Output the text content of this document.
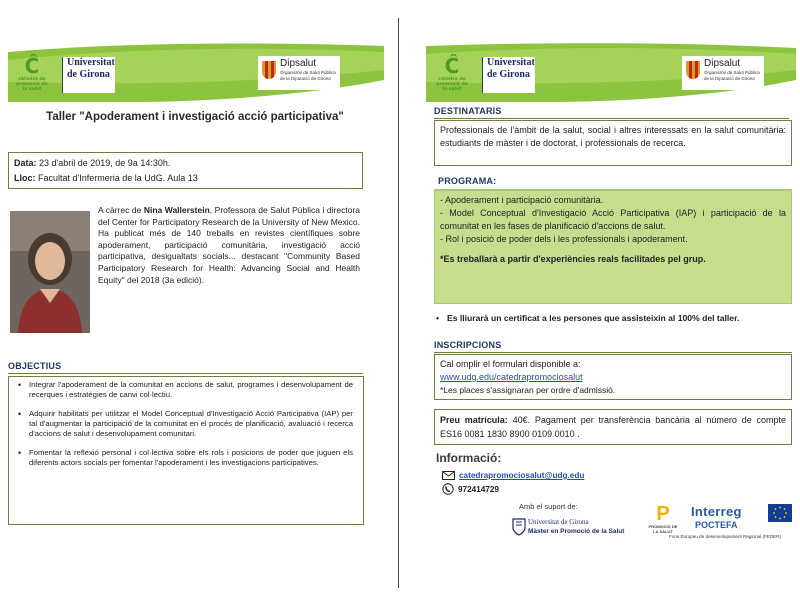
Ĉ
càtedra de promoció de la salut
Universitat
de Girona
Dipsalut
Organisme de Salut Pública
de la Diputació de Girona
Taller "Apoderament i investigació acció participativa"
Data: 23 d'abril de 2019, de 9a 14:30h.
Lloc: Facultat d'Infermeria de la UdG. Aula 13
A càrrec de Nina Wallerstein, Professora de Salut Pública i directora del Center for Participatory Research de la University of New Mexico. Ha publicat més de 140 treballs en revistes científiques sobre apoderament, participació comunitària, investigació acció participativa, desigualtats socials... destacant "Community Based Participatory Research for Health: Advancing Social and Health Equity" del 2018 (3a edició).
OBJECTIUS
• Integrar l'apoderament de la comunitat en accions de salut, programes i desenvolupament de recerques i estratègies de canvi col·lectiu.
• Adquirir habilitats per utilitzar el Model Conceptual d'Investigació Acció Participativa (IAP) per tal d'augmentar la participació de la comunitat en el procés de planificació, avaluació i recerca d'accions de salut i desenvolupament comunitari.
• Fomentar la reflexió personal i col·lectiva sobre els rols i posicions de poder que juguen els diferents actors socials per fomentar l'apoderament i les investigacions participatives.
Ĉ
càtedra de promoció de la salut
Universitat
de Girona
Dipsalut
Organisme de Salut Pública
de la Diputació de Girona
DESTINATARIS
Professionals de l'àmbit de la salut, social i altres interessats en la salut comunitària: estudiants de màster i de doctorat, i professionals de recerca.
PROGRAMA:

- Apoderament i participació comunitària.

- Model Conceptual d'Investigació Acció Participativa (IAP) i participació de la comunitat en les fases de planificació d'accions de salut.

- Rol i posició de poder dels i les professionals i apoderament.

*Es treballarà a partir d'experiències reals facilitades pel grup.

• Es lliurarà un certificat a les persones que assisteixin al 100% del taller.
INSCRIPCIONS
Cal omplir el formulari disponible a:
www.udg.edu/catedrapromociosalut
*Les places s'assignaran per ordre d'admissió.
Preu matrícula: 40€. Pagament per transferència bancària al número de compte ES16 0081 1830 8900 0109 0010 .
Informació:
catedrapromociosalut@udg.edu
972414729
Amb el suport de:
Universitat de Girona
Màster en Promoció de la Salut
P
PROMOCIÓ DE LA SALUT
Interreg
POCTEFA
Fons Europeu de desenvolupament Regional (FEDER)
